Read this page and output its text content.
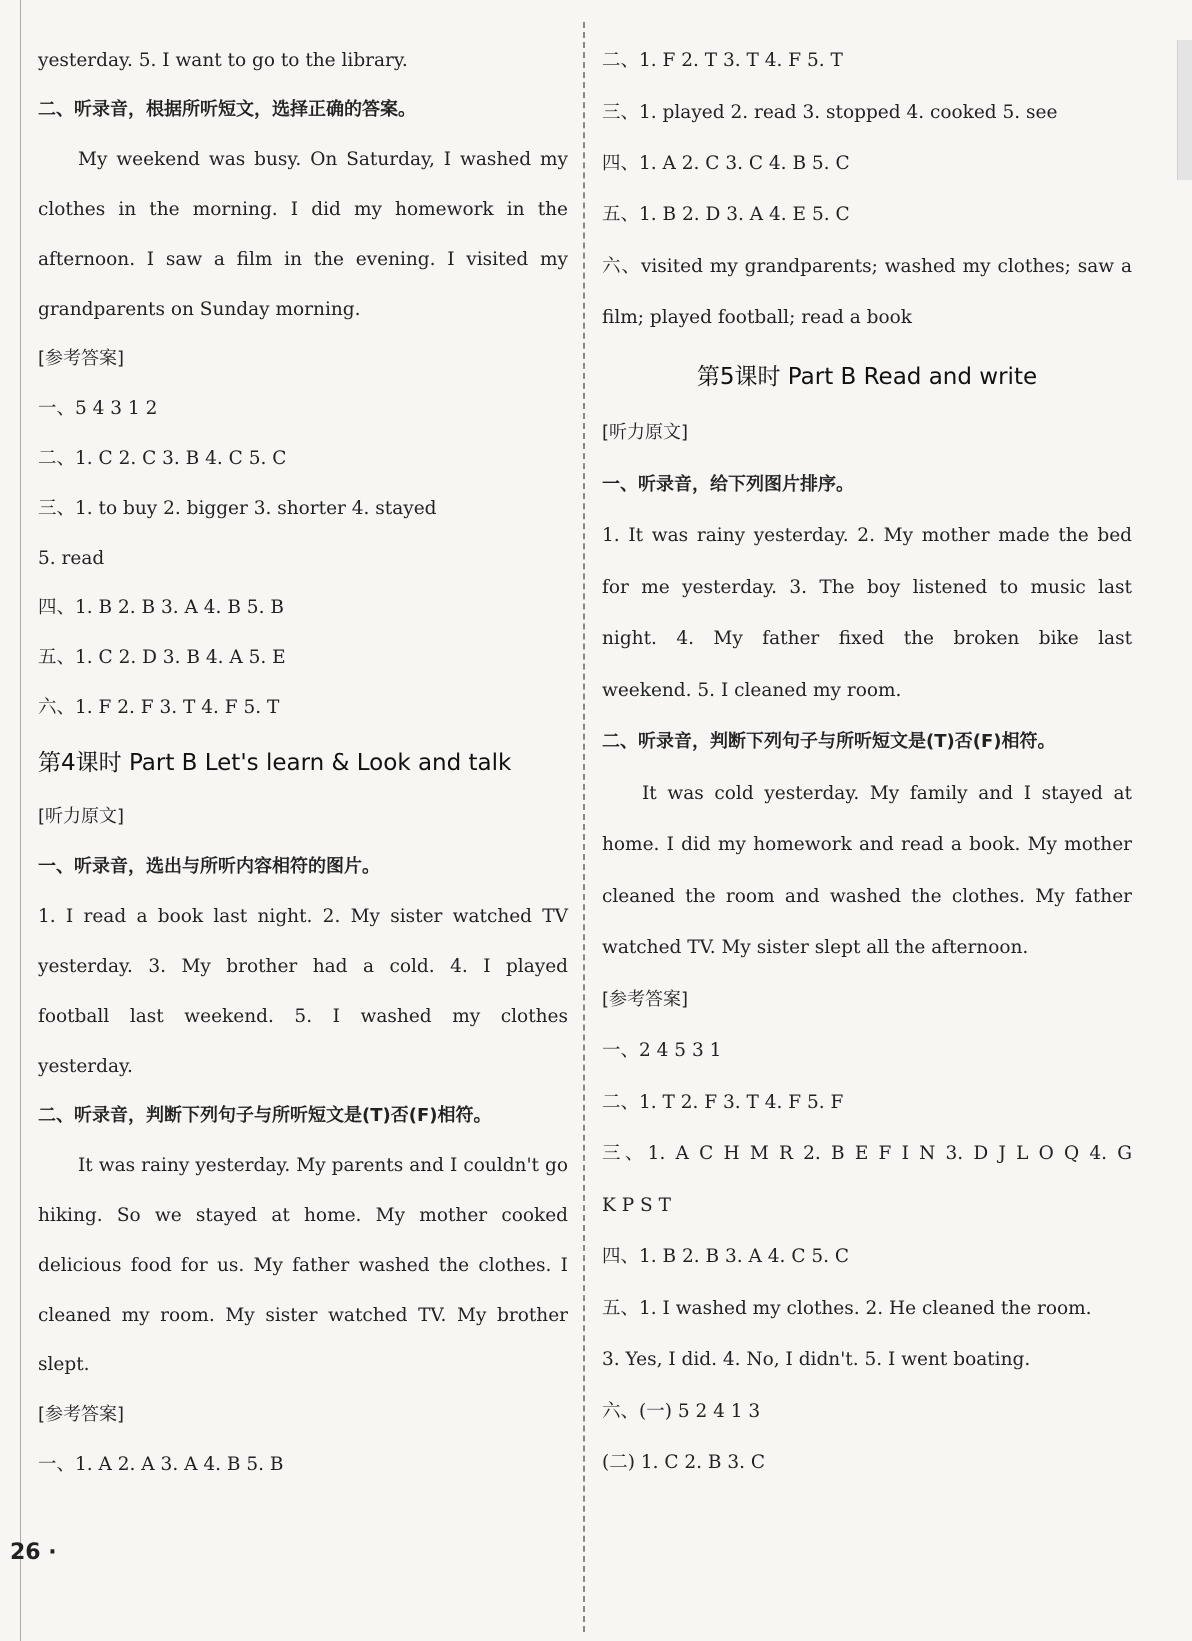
yesterday. 5. I want to go to the library.
二、听录音，根据所听短文，选择正确的答案。
My weekend was busy. On Saturday, I washed my
clothes in the morning. I did my homework in the
afternoon. I saw a film in the evening. I visited my
grandparents on Sunday morning.
[参考答案]
一、5 4 3 1 2
二、1. C 2. C 3. B 4. C 5. C
三、1. to buy 2. bigger 3. shorter 4. stayed
5. read
四、1. B 2. B 3. A 4. B 5. B
五、1. C 2. D 3. B 4. A 5. E
六、1. F 2. F 3. T 4. F 5. T
第4课时 Part B Let's learn & Look and talk
[听力原文]
一、听录音，选出与所听内容相符的图片。
1. I read a book last night. 2. My sister watched TV
yesterday. 3. My brother had a cold. 4. I played
football last weekend. 5. I washed my clothes
yesterday.
二、听录音，判断下列句子与所听短文是(T)否(F)相符。
It was rainy yesterday. My parents and I couldn't go
hiking. So we stayed at home. My mother cooked
delicious food for us. My father washed the clothes. I
cleaned my room. My sister watched TV. My brother
slept.
[参考答案]
一、1. A 2. A 3. A 4. B 5. B
二、1. F 2. T 3. T 4. F 5. T
三、1. played 2. read 3. stopped 4. cooked 5. see
四、1. A 2. C 3. C 4. B 5. C
五、1. B 2. D 3. A 4. E 5. C
六、visited my grandparents; washed my clothes; saw a
film; played football; read a book
第5课时 Part B Read and write
[听力原文]
一、听录音，给下列图片排序。
1. It was rainy yesterday. 2. My mother made the bed
for me yesterday. 3. The boy listened to music last
night. 4. My father fixed the broken bike last
weekend. 5. I cleaned my room.
二、听录音，判断下列句子与所听短文是(T)否(F)相符。
It was cold yesterday. My family and I stayed at
home. I did my homework and read a book. My mother
cleaned the room and washed the clothes. My father
watched TV. My sister slept all the afternoon.
[参考答案]
一、2 4 5 3 1
二、1. T 2. F 3. T 4. F 5. F
三、1. A C H M R 2. B E F I N 3. D J L O Q 4. G
K P S T
四、1. B 2. B 3. A 4. C 5. C
五、1. I washed my clothes. 2. He cleaned the room.
3. Yes, I did. 4. No, I didn't. 5. I went boating.
六、(一) 5 2 4 1 3
(二) 1. C 2. B 3. C
26 ·
